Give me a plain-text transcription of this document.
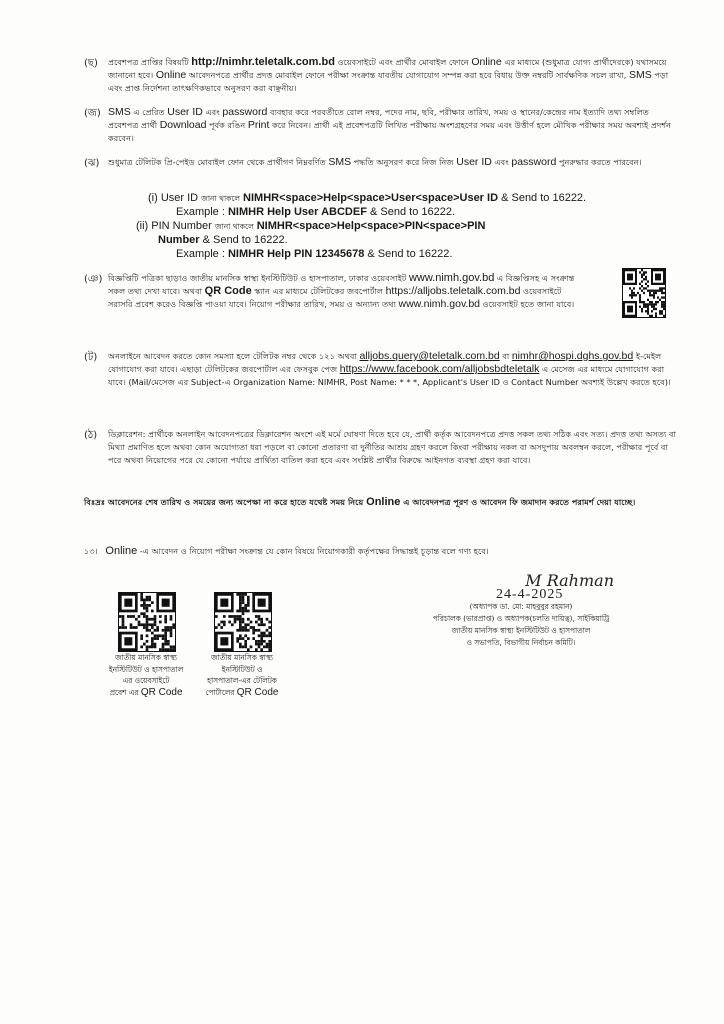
(ছ) প্রবেশপত্র প্রাপ্তির বিষয়টি http://nimhr.teletalk.com.bd ওয়েবসাইটে এবং প্রার্থীর মোবাইল ফোনে Online এর মাধ্যমে (শুধুমাত্র যোগ্য প্রার্থীদেরকে) যথাসময়ে জানানো হবে। Online আবেদনপত্রে প্রার্থীর প্রদত্ত মোবাইল ফোনে পরীক্ষা সংক্রান্ত যাবতীয় যোগাযোগ সম্পন্ন করা হবে বিধায় উক্ত নম্বরটি সার্বক্ষণিক সচল রাখা, SMS পড়া এবং প্রাপ্ত নির্দেশনা তাৎক্ষণিকভাবে অনুসরণ করা বাঞ্ছনীয়।

(জ) SMS এ প্রেরিত User ID এবং password ব্যবহার করে পরবর্তীতে রোল নম্বর, পদের নাম, ছবি, পরীক্ষার তারিখ, সময় ও স্থানের/কেন্দ্রের নাম ইত্যাদি তথ্য সম্বলিত প্রবেশপত্র প্রার্থী Download পূর্বক রঙিন Print করে নিবেন। প্রার্থী এই প্রবেশপত্রটি লিখিত পরীক্ষায় অংশগ্রহণের সময় এবং উত্তীর্ণ হলে মৌখিক পরীক্ষার সময় অবশ্যই প্রদর্শন করবেন।

(ঝ) শুধুমাত্র টেলিটক প্রি-পেইড মোবাইল ফোন থেকে প্রার্থীগণ নিম্নবর্ণিত SMS পদ্ধতি অনুসরণ করে নিজ নিজ User ID এবং password পুনরুদ্ধার করতে পারবেন।

(i) User ID জানা থাকলে NIMHR<space>Help<space>User<space>User ID & Send to 16222.
Example : NIMHR Help User ABCDEF & Send to 16222.
(ii) PIN Number জানা থাকলে NIMHR<space>Help<space>PIN<space>PIN
Number & Send to 16222.
Example : NIMHR Help PIN 12345678 & Send to 16222.
(ঞ) বিজ্ঞপ্তিটি পত্রিকা ছাড়াও জাতীয় মানসিক স্বাস্থ্য ইনস্টিটিউট ও হাসপাতাল, ঢাকার ওয়েবসাইট www.nimh.gov.bd এ বিজ্ঞপ্তিসহ এ সংক্রান্ত সকল তথ্য দেখা যাবে। অথবা QR Code স্ক্যান এর মাধ্যমে টেলিটকের জবপোর্টাল https://alljobs.teletalk.com.bd ওয়েবসাইটে সরাসরি প্রবেশ করেও বিজ্ঞপ্তি পাওয়া যাবে। নিয়োগ পরীক্ষার তারিখ, সময় ও অন্যান্য তথ্য www.nimh.gov.bd ওয়েবসাইট হতে জানা যাবে।

(ট) অনলাইনে আবেদন করতে কোন সমস্যা হলে টেলিটক নম্বর থেকে ১২১ অথবা alljobs.query@teletalk.com.bd বা nimhr@hospi.dghs.gov.bd ই-মেইল যোগাযোগ করা যাবে। এছাড়া টেলিটকের জবপোর্টাল এর ফেসবুক পেজ https://www.facebook.com/alljobsbdteletalk এ মেসেজ এর মাধ্যমে যোগাযোগ করা যাবে। (Mail/মেসেজ এর Subject-এ Organization Name: NIMHR, Post Name: * * *, Applicant's User ID ও Contact Number অবশ্যই উল্লেখ করতে হবে)।

(ঠ) ডিক্লারেশন: প্রার্থীকে অনলাইন আবেদনপত্রের ডিক্লারেশন অংশে এই মর্মে ঘোষণা দিতে হবে যে, প্রার্থী কর্তৃক আবেদনপত্রে প্রদত্ত সকল তথ্য সঠিক এবং সত্য। প্রদত্ত তথ্য অসত্য বা মিথ্যা প্রমাণিত হলে অথবা কোন অযোগ্যতা ধরা পড়লে বা কোনো প্রতারণা বা দুর্নীতির আশ্রয় গ্রহণ করলে কিংবা পরীক্ষায় নকল বা অসদুপায় অবলম্বন করলে, পরীক্ষার পূর্বে বা পরে অথবা নিয়োগের পরে যে কোনো পর্যায়ে প্রার্থিতা বাতিল করা হবে এবং সংশ্লিষ্ট প্রার্থীর বিরুদ্ধে আইনগত ব্যবস্থা গ্রহণ করা যাবে।

বিঃদ্রঃ আবেদনের শেষ তারিখ ও সময়ের জন্য অপেক্ষা না করে হাতে যথেষ্ট সময় নিয়ে Online এ আবেদনপত্র পূরণ ও আবেদন ফি জমাদান করতে পরামর্শ দেয়া যাচ্ছে।
১৩। Online -এ আবেদন ও নিয়োগ পরীক্ষা সংক্রান্ত যে কোন বিষয়ে নিয়োগকারী কর্তৃপক্ষের সিদ্ধান্তই চূড়ান্ত বলে গণ্য হবে।
জাতীয় মানসিক স্বাস্থ্য
ইনস্টিটিউট ও হাসপাতাল
এর ওয়েবসাইটে
প্রবেশ এর QR Code
জাতীয় মানসিক স্বাস্থ্য
ইনস্টিটিউট ও
হাসপাতাল-এর টেলিটক
পোর্টালের QR Code
M Rahman
24-4-2025
(অধ্যাপক ডা. মো: মাহবুবুর রহমান)
পরিচালক (ভারপ্রাপ্ত) ও অধ্যাপক(চলতি দায়িত্ব), সাইকিয়াট্রি
জাতীয় মানসিক স্বাস্থ্য ইনস্টিটিউট ও হাসপাতাল
ও সভাপতি, বিভাগীয় নির্বাচন কমিটি।
